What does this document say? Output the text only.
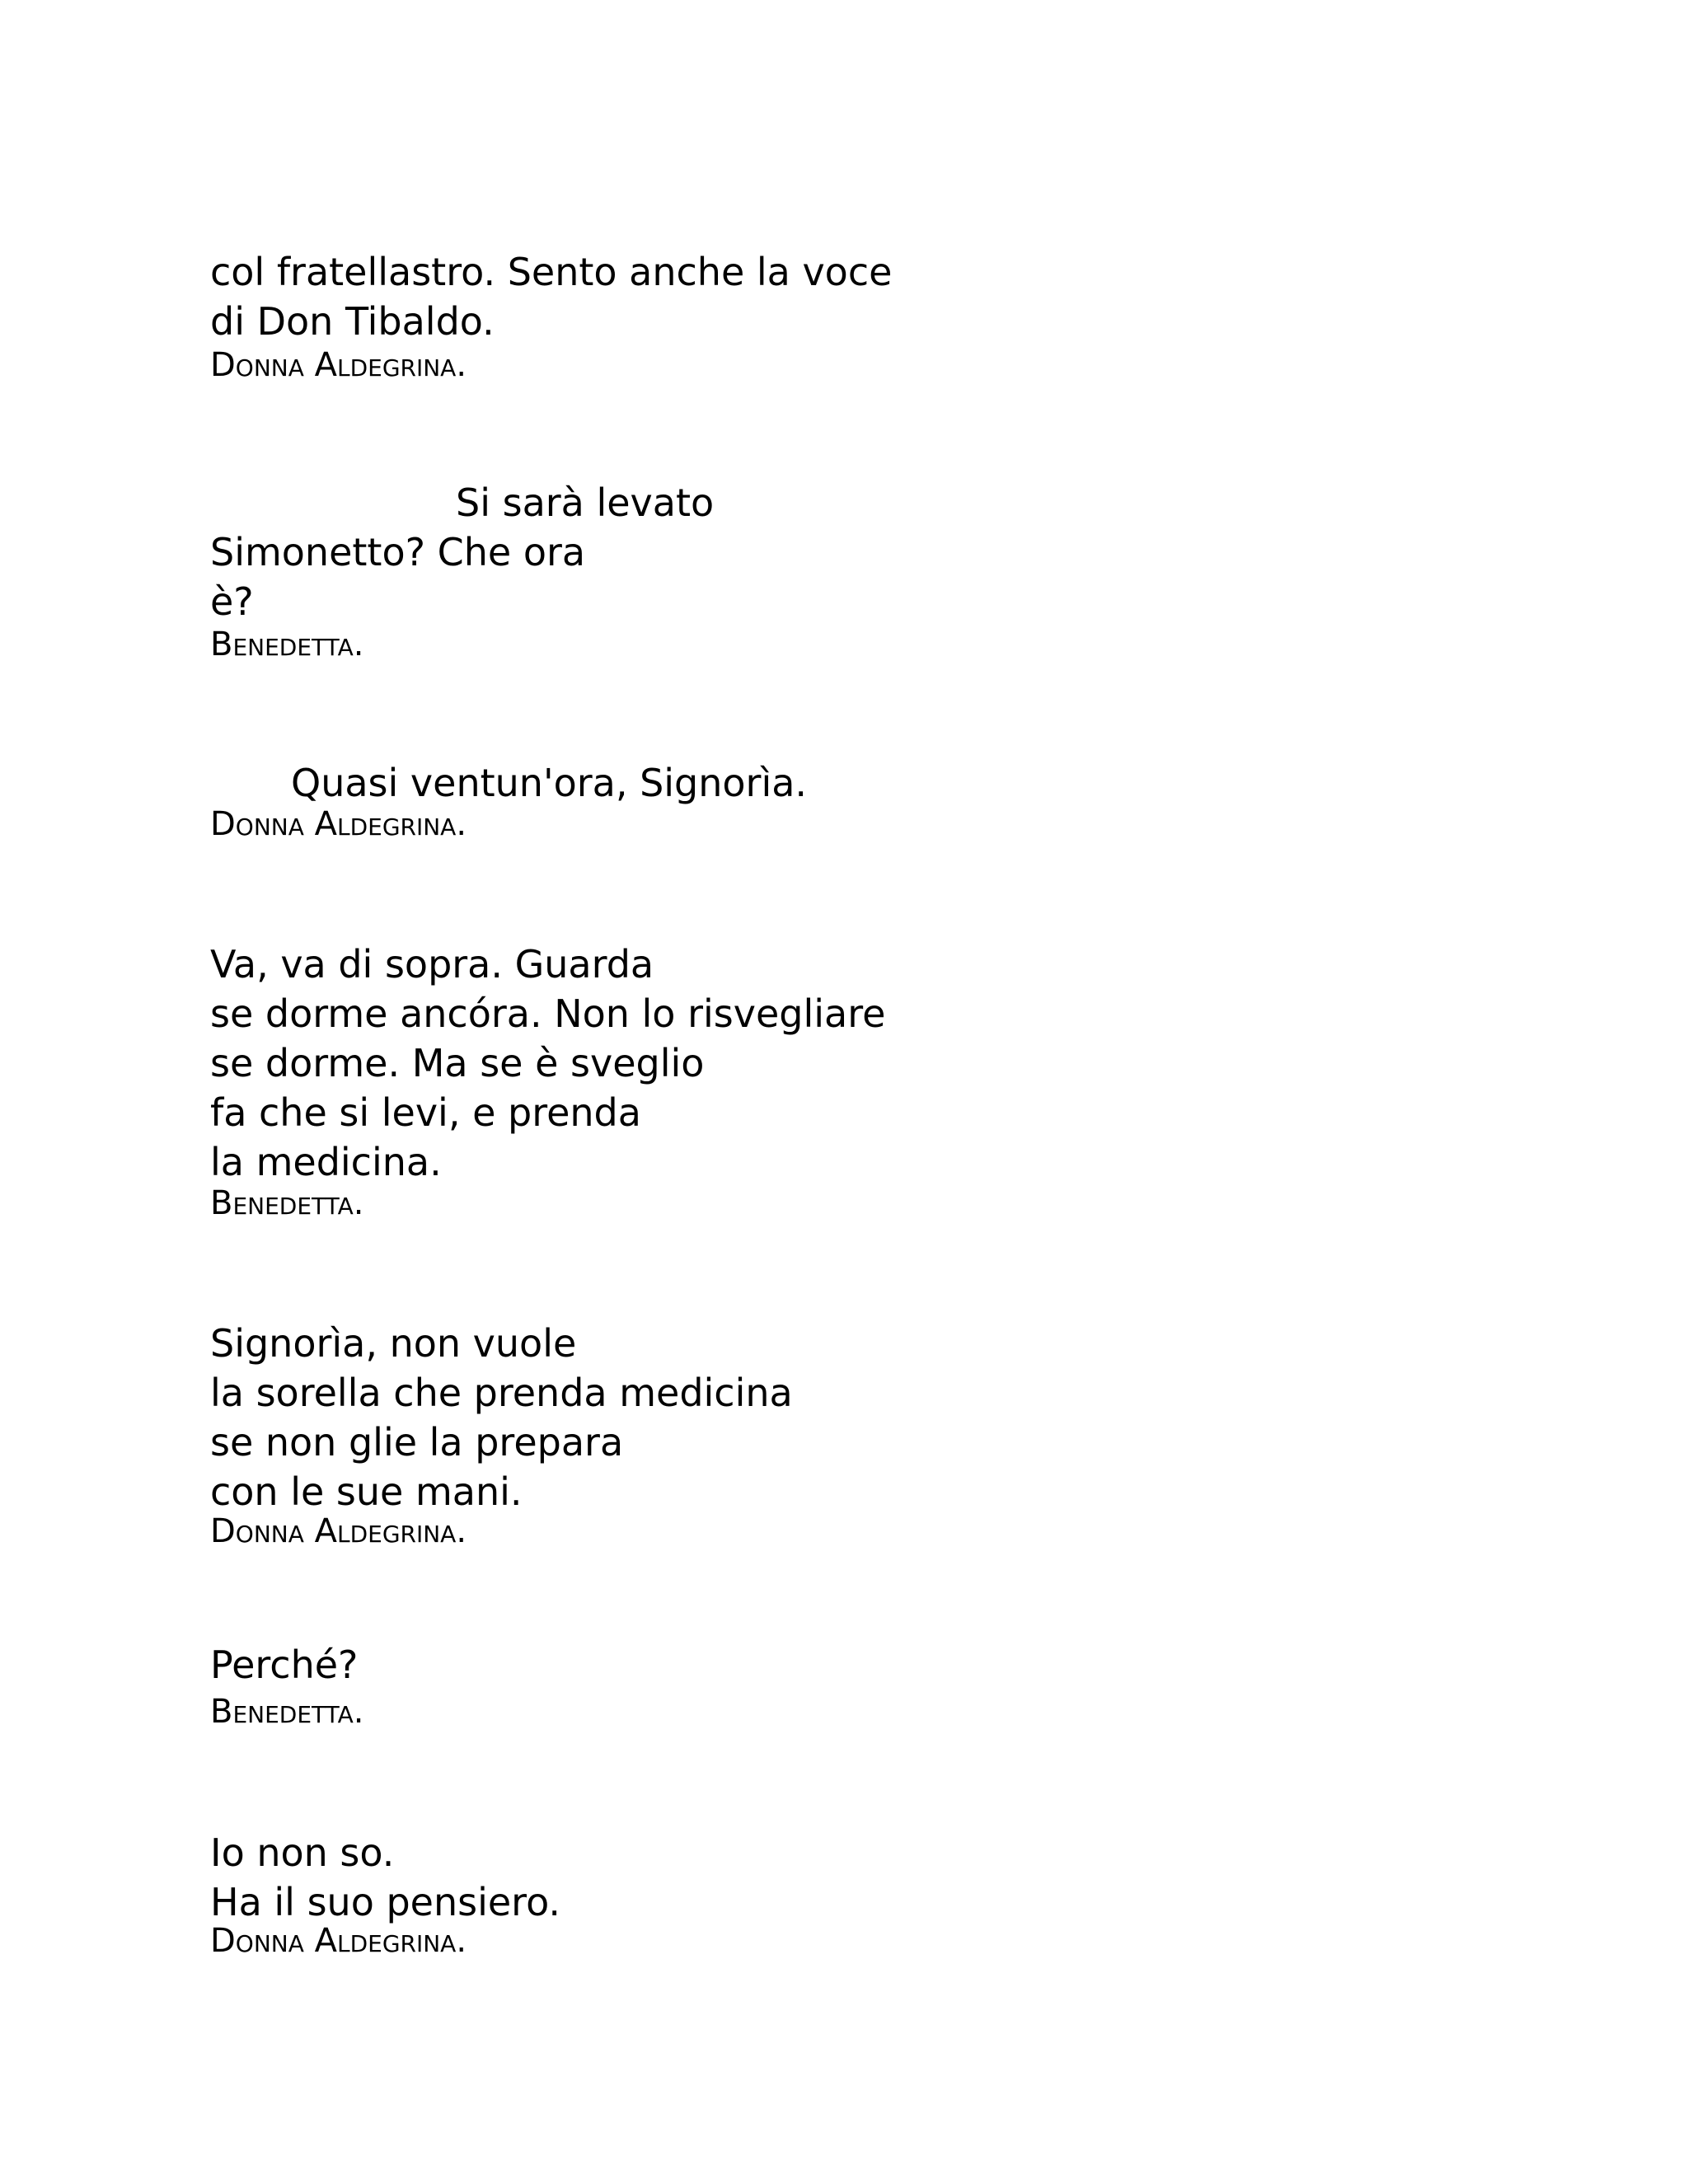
col fratellastro. Sento anche la voce

di Don Tibaldo.

Donna Aldegrina.

Si sarà levato

Simonetto? Che ora

è?

Benedetta.

Quasi ventun'ora, Signorìa.

Donna Aldegrina.

Va, va di sopra. Guarda

se dorme ancóra. Non lo risvegliare

se dorme. Ma se è sveglio

fa che si levi, e prenda

la medicina.

Benedetta.

Signorìa, non vuole

la sorella che prenda medicina

se non glie la prepara

con le sue mani.

Donna Aldegrina.

Perché?

Benedetta.

Io non so.

Ha il suo pensiero.

Donna Aldegrina.
